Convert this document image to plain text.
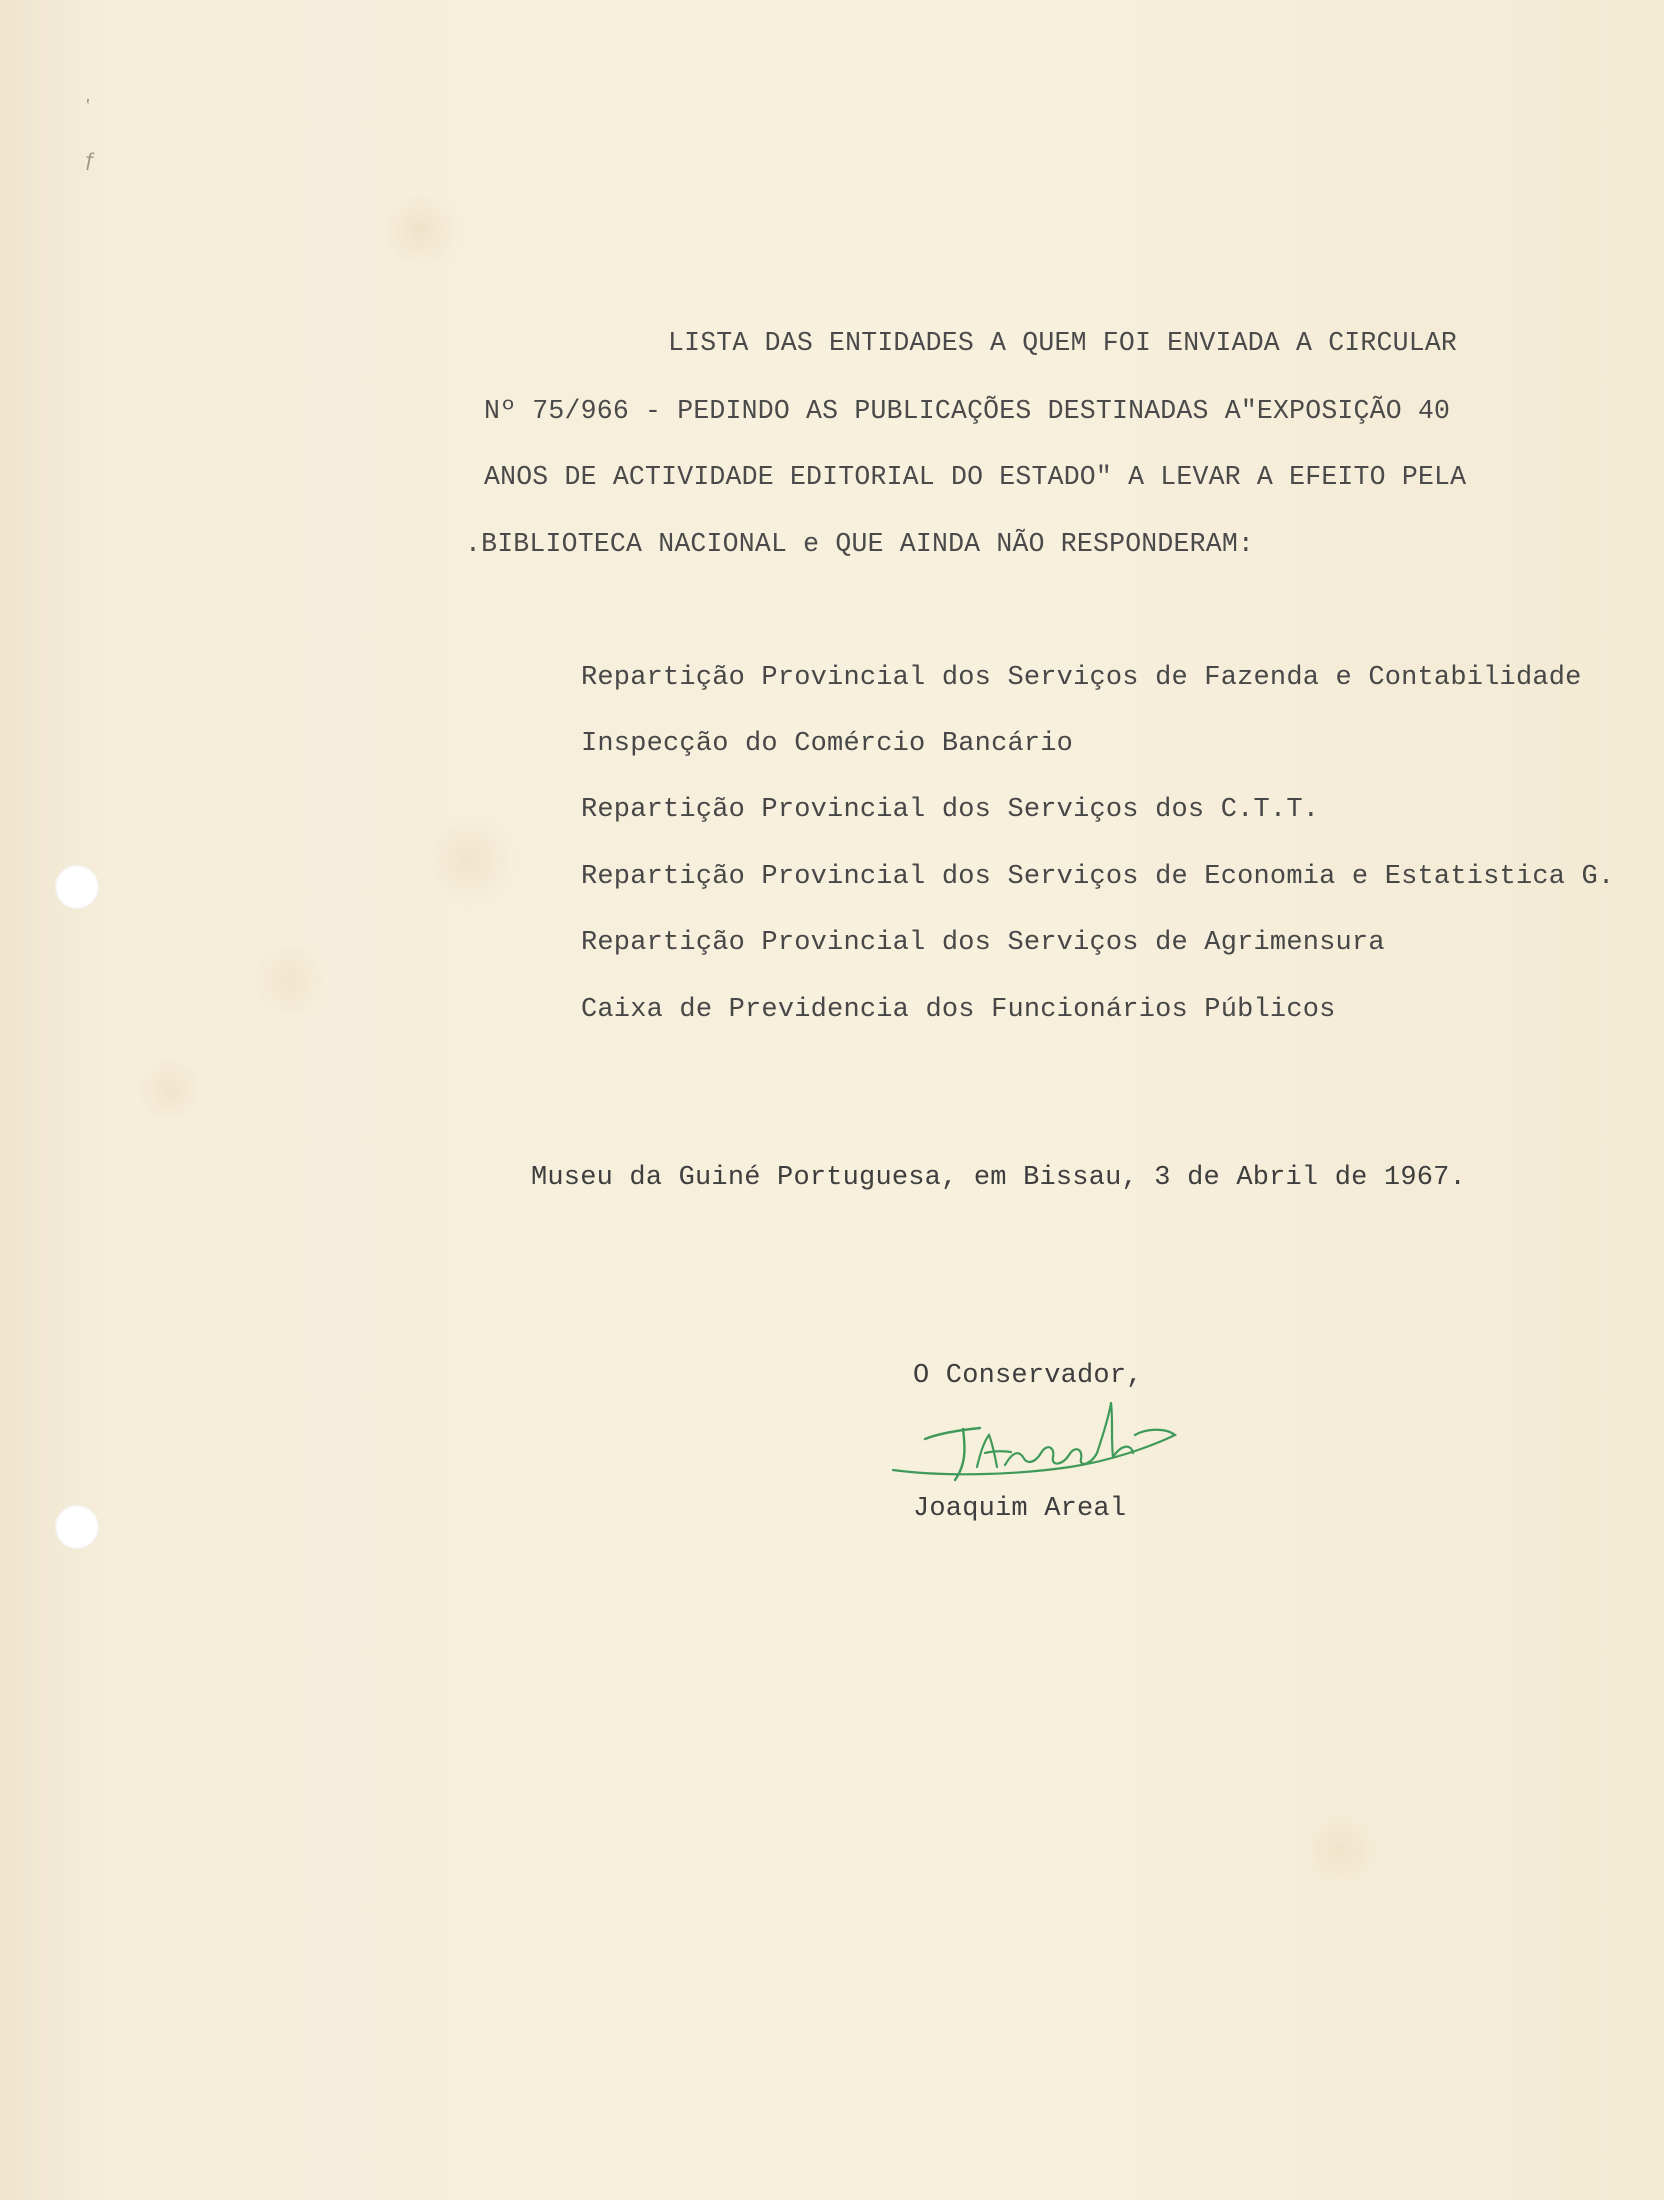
ʽ
ƒ
LISTA DAS ENTIDADES A QUEM FOI ENVIADA A CIRCULAR
Nº 75/966 - PEDINDO AS PUBLICAÇÕES DESTINADAS A"EXPOSIÇÃO 40
ANOS DE ACTIVIDADE EDITORIAL DO ESTADO" A LEVAR A EFEITO PELA
.BIBLIOTECA NACIONAL e QUE AINDA NÃO RESPONDERAM:
Repartição Provincial dos Serviços de Fazenda e Contabilidade
Inspecção do Comércio Bancário
Repartição Provincial dos Serviços dos C.T.T.
Repartição Provincial dos Serviços de Economia e Estatistica G.
Repartição Provincial dos Serviços de Agrimensura
Caixa de Previdencia dos Funcionários Públicos
Museu da Guiné Portuguesa, em Bissau, 3 de Abril de 1967.
O Conservador,
Joaquim Areal
